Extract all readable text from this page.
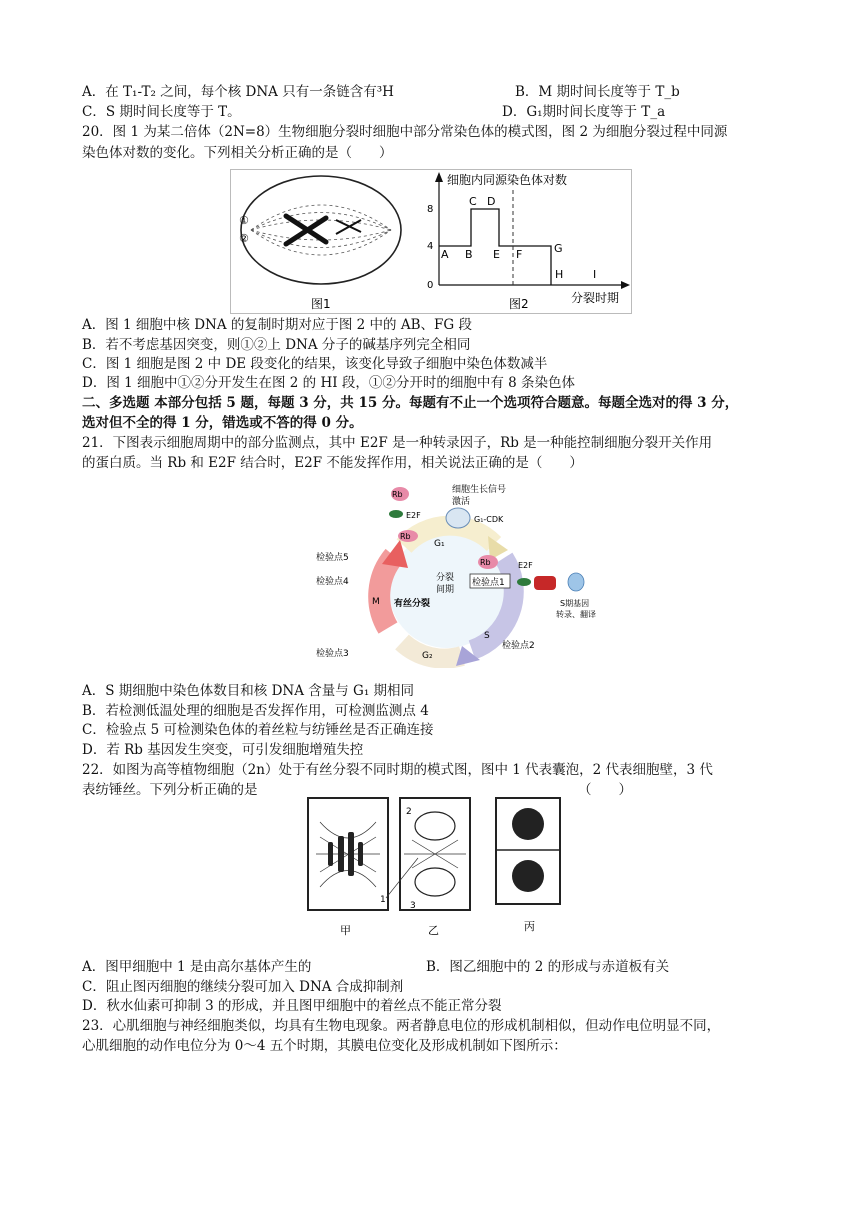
A．在 T₁-T₂ 之间，每个核 DNA 只有一条链含有³H	B．M 期时间长度等于 T_b
C．S 期时间长度等于 T。	D．G₁期时间长度等于 T_a
20．图 1 为某二倍体（2N=8）生物细胞分裂时细胞中部分常染色体的模式图，图 2 为细胞分裂过程中同源
染色体对数的变化。下列相关分析正确的是（　　）
①
②
图1
细胞内同源染色体对数
分裂时期
0
4
8
A B
C D
E F	G
H	I
图2
A．图 1 细胞中核 DNA 的复制时期对应于图 2 中的 AB、FG 段
B．若不考虑基因突变，则①②上 DNA 分子的碱基序列完全相同
C．图 1 细胞是图 2 中 DE 段变化的结果，该变化导致子细胞中染色体数减半
D．图 1 细胞中①②分开发生在图 2 的 HI 段，①②分开时的细胞中有 8 条染色体
二、多选题 本部分包括 5 题，每题 3 分，共 15 分。每题有不止一个选项符合题意。每题全选对的得 3 分，
选对但不全的得 1 分，错选或不答的得 0 分。
21．下图表示细胞周期中的部分监测点，其中 E2F 是一种转录因子，Rb 是一种能控制细胞分裂开关作用
的蛋白质。当 Rb 和 E2F 结合时，E2F 不能发挥作用，相关说法正确的是（　　）
G₁
S
G₂
M 有丝分裂
分裂
间期
检验点5
检验点4
检验点3
检验点1
检验点2
Rb
E2F
Rb
细胞生长信号
激活
G₁-CDK
Rb	E2F
S期基因
转录、翻译
A．S 期细胞中染色体数目和核 DNA 含量与 G₁ 期相同
B．若检测低温处理的细胞是否发挥作用，可检测监测点 4
C．检验点 5 可检测染色体的着丝粒与纺锤丝是否正确连接
D．若 Rb 基因发生突变，可引发细胞增殖失控
22．如图为高等植物细胞（2n）处于有丝分裂不同时期的模式图，图中 1 代表囊泡，2 代表细胞壁，3 代
表纺锤丝。下列分析正确的是	（　　）
甲
2
1
3
乙	丙
A．图甲细胞中 1 是由高尔基体产生的	B．图乙细胞中的 2 的形成与赤道板有关
C．阻止图丙细胞的继续分裂可加入 DNA 合成抑制剂
D．秋水仙素可抑制 3 的形成，并且图甲细胞中的着丝点不能正常分裂
23．心肌细胞与神经细胞类似，均具有生物电现象。两者静息电位的形成机制相似，但动作电位明显不同，
心肌细胞的动作电位分为 0～4 五个时期，其膜电位变化及形成机制如下图所示：
